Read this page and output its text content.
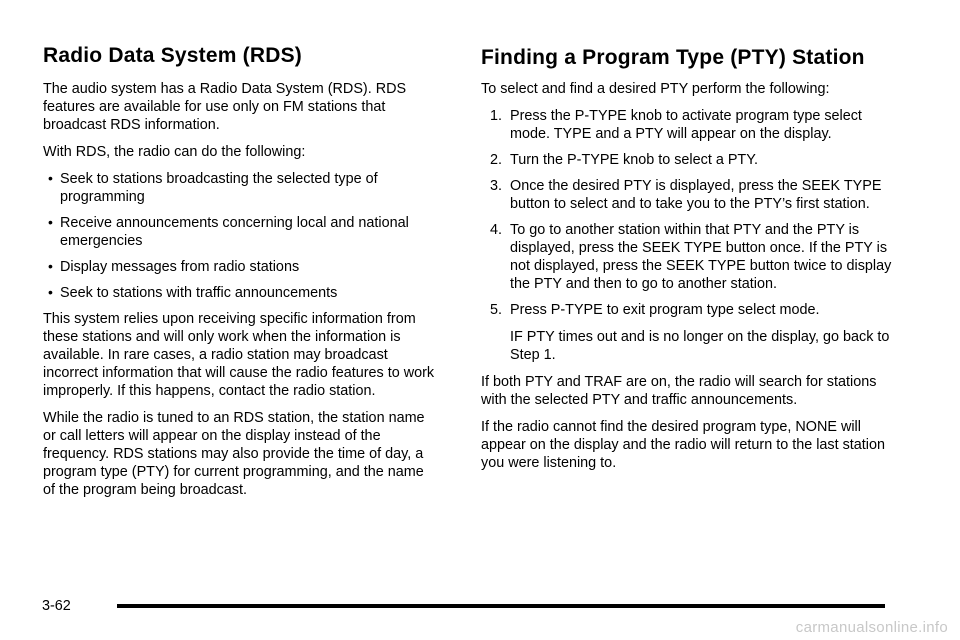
Radio Data System (RDS)

The audio system has a Radio Data System (RDS). RDS features are available for use only on FM stations that broadcast RDS information.

With RDS, the radio can do the following:

• Seek to stations broadcasting the selected type of programming
• Receive announcements concerning local and national emergencies
• Display messages from radio stations
• Seek to stations with traffic announcements

This system relies upon receiving specific information from these stations and will only work when the information is available. In rare cases, a radio station may broadcast incorrect information that will cause the radio features to work improperly. If this happens, contact the radio station.

While the radio is tuned to an RDS station, the station name or call letters will appear on the display instead of the frequency. RDS stations may also provide the time of day, a program type (PTY) for current programming, and the name of the program being broadcast.

Finding a Program Type (PTY) Station

To select and find a desired PTY perform the following:

1. Press the P-TYPE knob to activate program type select mode. TYPE and a PTY will appear on the display.
2. Turn the P-TYPE knob to select a PTY.
3. Once the desired PTY is displayed, press the SEEK TYPE button to select and to take you to the PTY’s first station.
4. To go to another station within that PTY and the PTY is displayed, press the SEEK TYPE button once. If the PTY is not displayed, press the SEEK TYPE button twice to display the PTY and then to go to another station.
5. Press P-TYPE to exit program type select mode.

IF PTY times out and is no longer on the display, go back to Step 1.

If both PTY and TRAF are on, the radio will search for stations with the selected PTY and traffic announcements.

If the radio cannot find the desired program type, NONE will appear on the display and the radio will return to the last station you were listening to.

3-62
carmanualsonline.info
